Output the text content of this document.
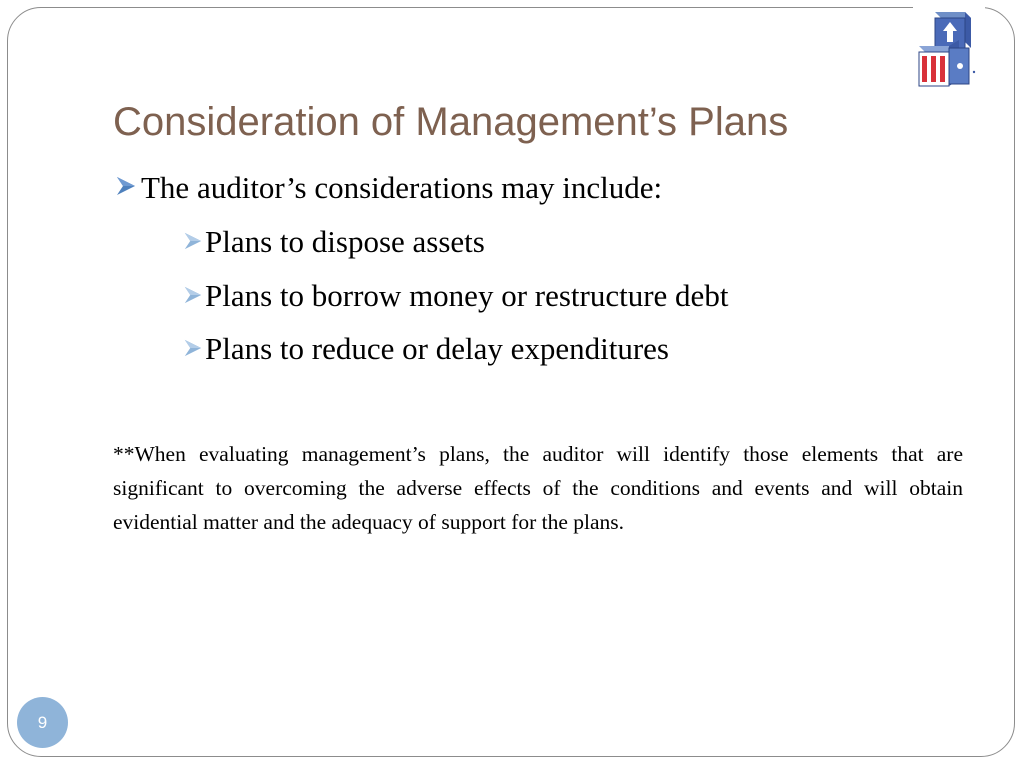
Consideration of Management’s Plans
The auditor’s considerations may include:
Plans to dispose assets
Plans to borrow money or restructure debt
Plans to reduce or delay expenditures
**When evaluating management’s plans, the auditor will identify those elements that are significant to overcoming the adverse effects of the conditions and events and will obtain evidential matter and the adequacy of support for the plans.
9
